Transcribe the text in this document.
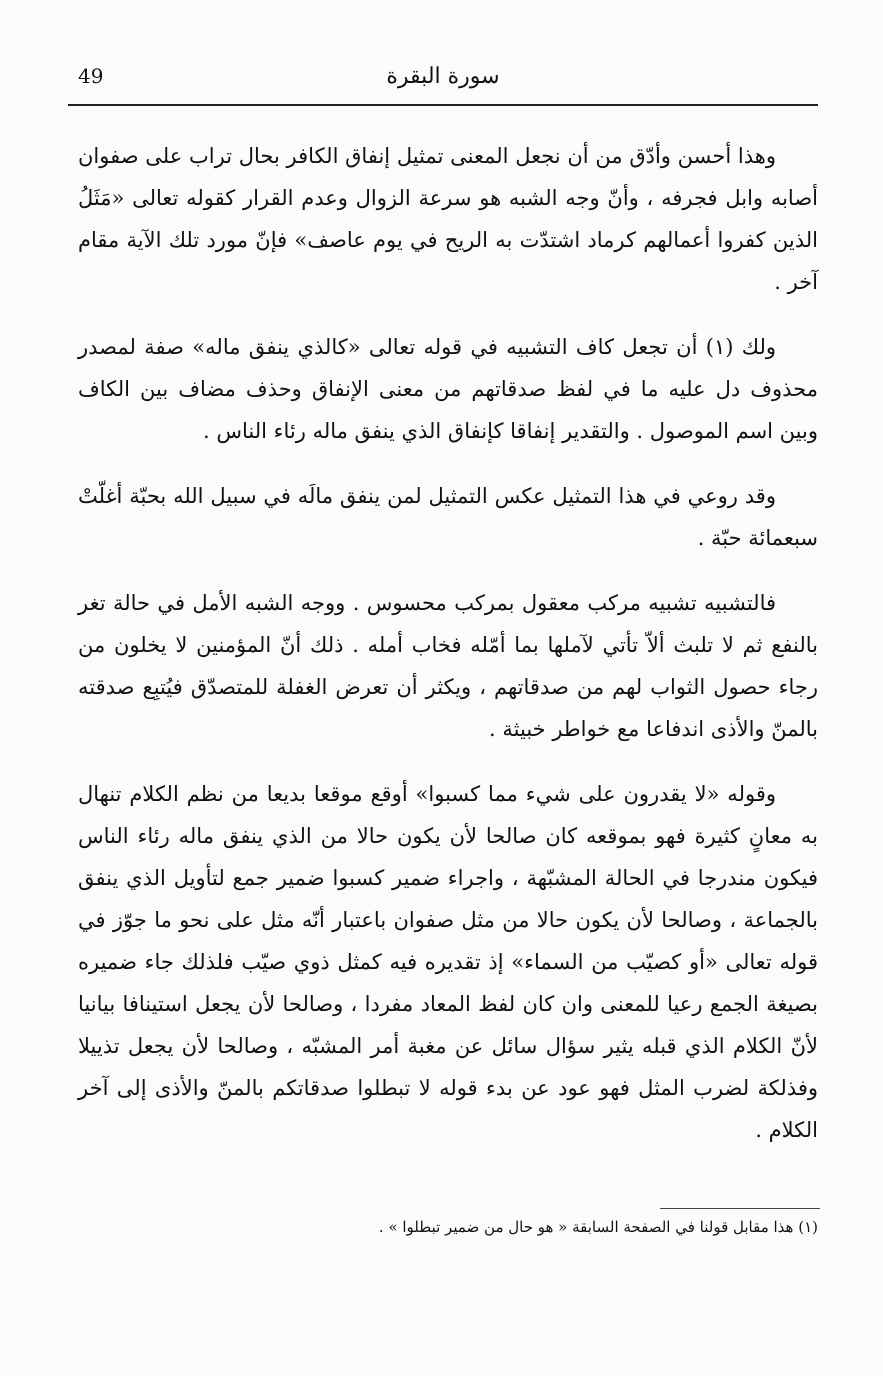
49	سورة البقرة

وهذا أحسن وأدّق من أن نجعل المعنى تمثيل إنفاق الكافر بحال تراب على صفوان أصابه وابل فجرفه ، وأنّ وجه الشبه هو سرعة الزوال وعدم القرار كقوله تعالى «مَثَلُ الذين كفروا أعمالهم كرماد اشتدّت به الريح في يوم عاصف» فإنّ مورد تلك الآية مقام آخر .

ولك (١) أن تجعل كاف التشبيه في قوله تعالى «كالذي ينفق ماله» صفة لمصدر محذوف دل عليه ما في لفظ صدقاتهم من معنى الإنفاق وحذف مضاف بين الكاف وبين اسم الموصول . والتقدير إنفاقا كإنفاق الذي ينفق ماله رئاء الناس .

وقد روعي في هذا التمثيل عكس التمثيل لمن ينفق مالَه في سبيل الله بحبّة أغلّتْ سبعمائة حبّة .

فالتشبيه تشبيه مركب معقول بمركب محسوس . ووجه الشبه الأمل في حالة تغر بالنفع ثم لا تلبث ألاّ تأتي لآملها بما أمّله فخاب أمله . ذلك أنّ المؤمنين لا يخلون من رجاء حصول الثواب لهم من صدقاتهم ، ويكثر أن تعرض الغفلة للمتصدّق فيُتبِع صدقته بالمنّ والأذى اندفاعا مع خواطر خبيثة .

وقوله «لا يقدرون على شيء مما كسبوا» أوقع موقعا بديعا من نظم الكلام تنهال به معانٍ كثيرة فهو بموقعه كان صالحا لأن يكون حالا من الذي ينفق ماله رئاء الناس فيكون مندرجا في الحالة المشبّهة ، واجراء ضمير كسبوا ضمير جمع لتأويل الذي ينفق بالجماعة ، وصالحا لأن يكون حالا من مثل صفوان باعتبار أنّه مثل على نحو ما جوّز في قوله تعالى «أو كصيّب من السماء» إذ تقديره فيه كمثل ذوي صيّب فلذلك جاء ضميره بصيغة الجمع رعيا للمعنى وان كان لفظ المعاد مفردا ، وصالحا لأن يجعل استينافا بيانيا لأنّ الكلام الذي قبله يثير سؤال سائل عن مغبة أمر المشبّه ، وصالحا لأن يجعل تذييلا وفذلكة لضرب المثل فهو عود عن بدء قوله لا تبطلوا صدقاتكم بالمنّ والأذى إلى آخر الكلام .

(١) هذا مقابل قولنا في الصفحة السابقة « هو حال من ضمير تبطلوا » .
